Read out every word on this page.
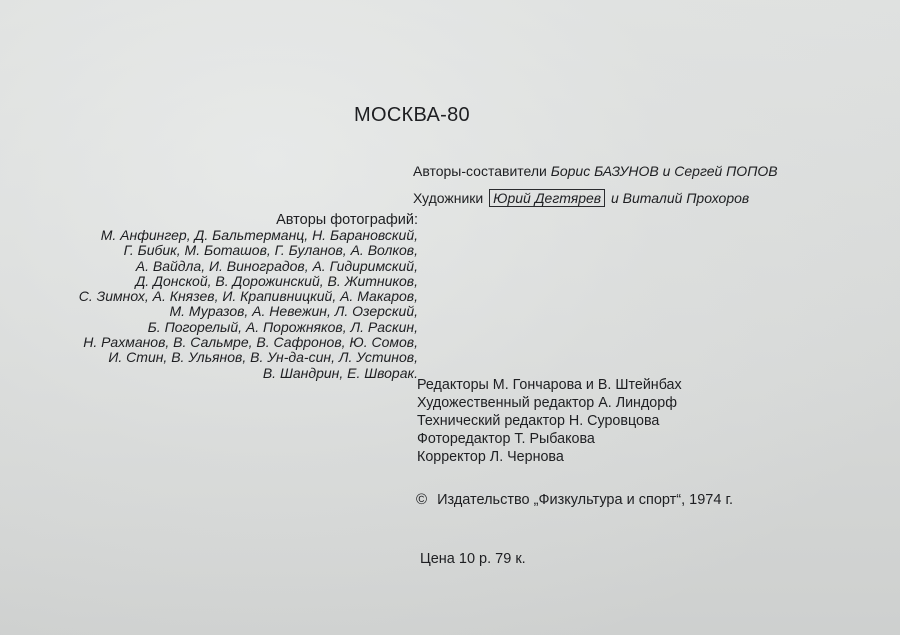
МОСКВА-80
Авторы-составители Борис БАЗУНОВ и Сергей ПОПОВ
Художники Юрий Дегтярев и Виталий Прохоров
Авторы фотографий:
М. Анфингер, Д. Бальтерманц, Н. Барановский,
Г. Бибик, М. Боташов, Г. Буланов, А. Волков,
А. Вайдла, И. Виноградов, А. Гидиримский,
Д. Донской, В. Дорожинский, В. Житников,
С. Зимнох, А. Князев, И. Крапивницкий, А. Макаров,
М. Муразов, А. Невежин, Л. Озерский,
Б. Погорелый, А. Порожняков, Л. Раскин,
Н. Рахманов, В. Сальмре, В. Сафронов, Ю. Сомов,
И. Стин, В. Ульянов, В. Ун-да-син, Л. Устинов,
В. Шандрин, Е. Шворак.
Редакторы М. Гончарова и В. Штейнбах
Художественный редактор А. Линдорф
Технический редактор Н. Суровцова
Фоторедактор Т. Рыбакова
Корректор Л. Чернова
© Издательство „Физкультура и спорт“, 1974 г.
Цена 10 р. 79 к.
